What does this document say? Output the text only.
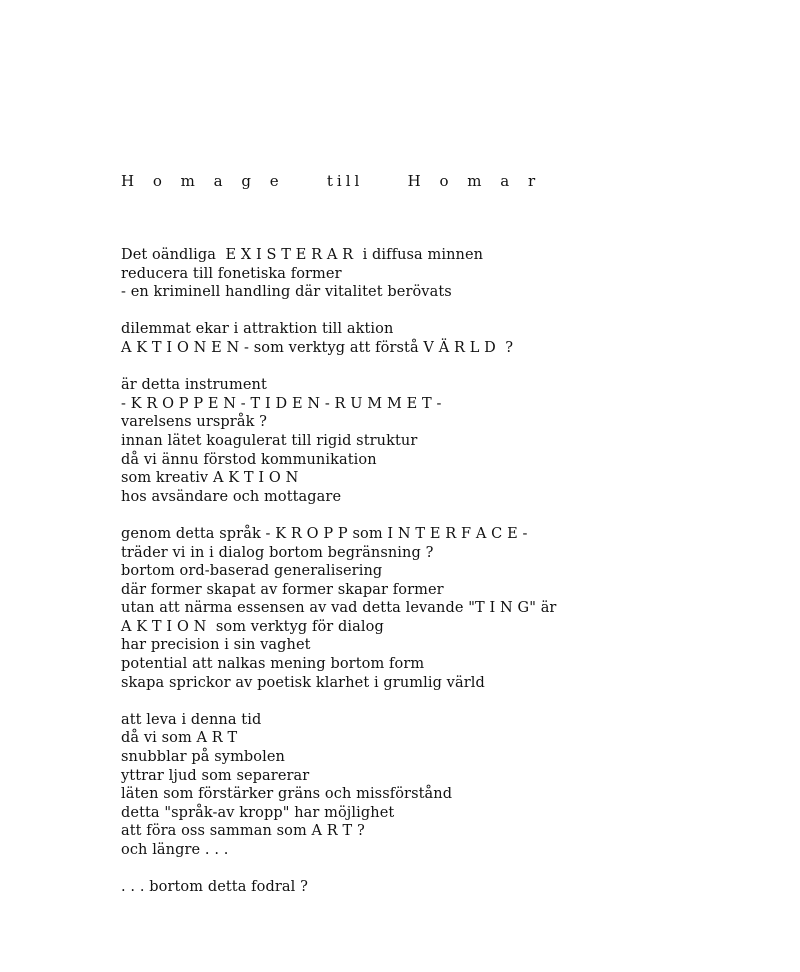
H o m a g e   till   H o m a r
Det oändliga  E X I S T E R A R  i diffusa minnen
reducera till fonetiska former
- en kriminell handling där vitalitet berövats
dilemmat ekar i attraktion till aktion
A K T I O N E N - som verktyg att förstå V Ä R L D  ?
är detta instrument
- K R O P P E N - T I D E N - R U M M E T -
varelsens urspråk ?
innan lätet koagulerat till rigid struktur
då vi ännu förstod kommunikation
som kreativ A K T I O N
hos avsändare och mottagare
genom detta språk - K R O P P som I N T E R F A C E -
träder vi in i dialog bortom begränsning ?
bortom ord-baserad generalisering
där former skapat av former skapar former
utan att närma essensen av vad detta levande "T I N G" är
A K T I O N  som verktyg för dialog
har precision i sin vaghet
potential att nalkas mening bortom form
skapa sprickor av poetisk klarhet i grumlig värld
att leva i denna tid
då vi som A R T
snubblar på symbolen
yttrar ljud som separerar
läten som förstärker gräns och missförstånd
detta "språk-av kropp" har möjlighet
att föra oss samman som A R T ?
och längre . . .
. . . bortom detta fodral ?
